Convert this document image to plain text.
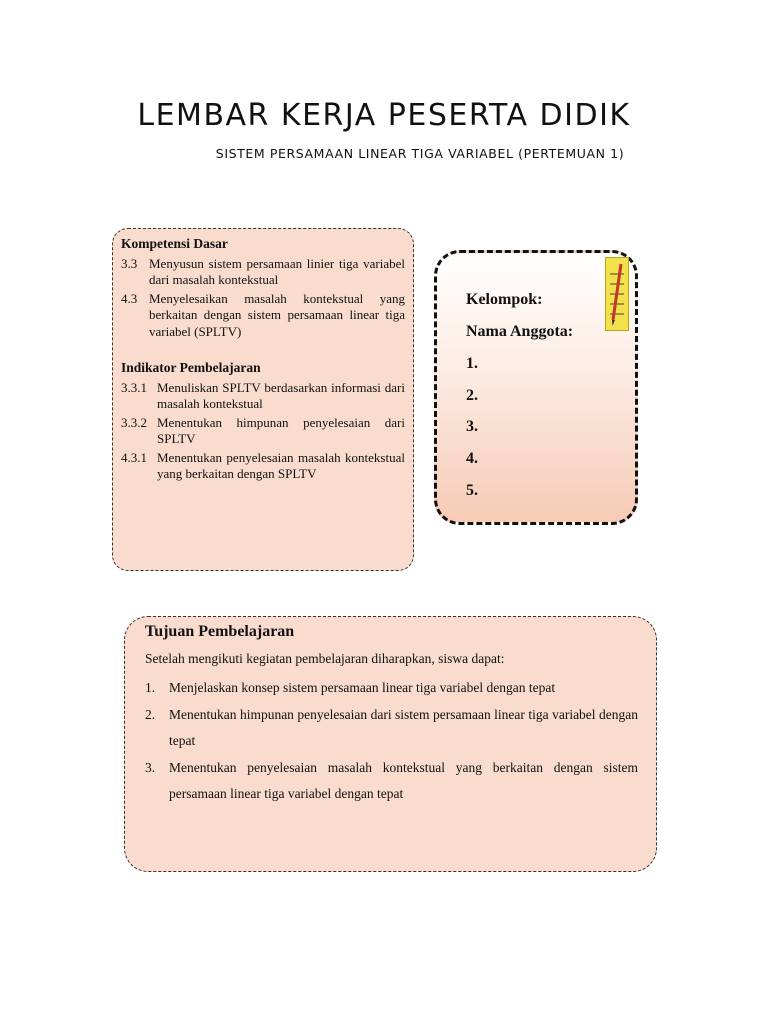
LEMBAR KERJA PESERTA DIDIK
SISTEM PERSAMAAN LINEAR TIGA VARIABEL (PERTEMUAN 1)
Kompetensi Dasar
3.3 Menyusun sistem persamaan linier tiga variabel dari masalah kontekstual
4.3 Menyelesaikan masalah kontekstual yang berkaitan dengan sistem persamaan linear tiga variabel (SPLTV)
Indikator Pembelajaran
3.3.1 Menuliskan SPLTV berdasarkan informasi dari masalah kontekstual
3.3.2 Menentukan himpunan penyelesaian dari SPLTV
4.3.1 Menentukan penyelesaian masalah kontekstual yang berkaitan dengan SPLTV
Kelompok:
Nama Anggota:
1.
2.
3.
4.
5.
Tujuan Pembelajaran
Setelah mengikuti kegiatan pembelajaran diharapkan, siswa dapat:
1.	Menjelaskan konsep sistem persamaan linear tiga variabel dengan tepat
2.	Menentukan himpunan penyelesaian dari sistem persamaan linear tiga variabel dengan tepat
3.	Menentukan penyelesaian masalah kontekstual yang berkaitan dengan sistem persamaan linear tiga variabel dengan tepat
